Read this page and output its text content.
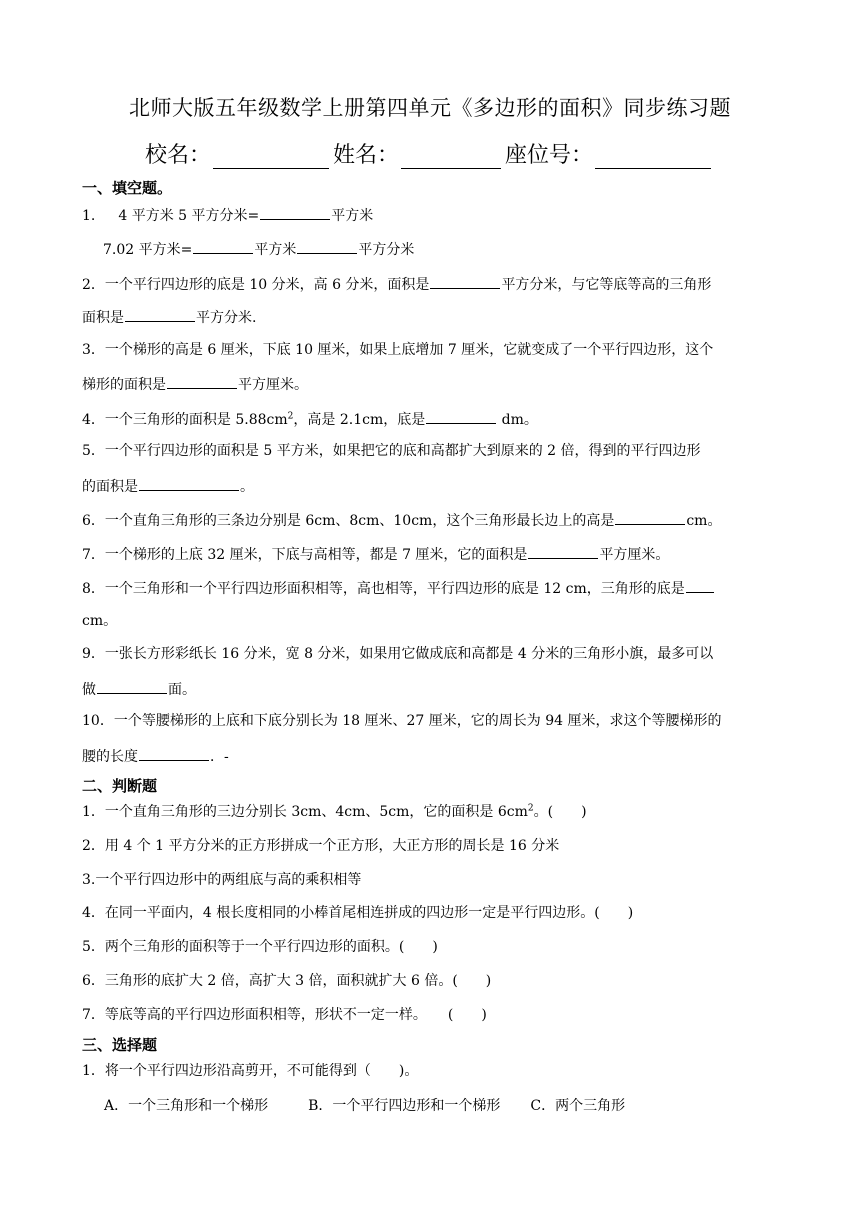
北师大版五年级数学上册第四单元《多边形的面积》同步练习题
校名：	姓名：	座位号：
一、填空题。
1. 4 平方米 5 平方分米=	平方米
7.02 平方米=	平方米	平方分米
2．一个平行四边形的底是 10 分米，高 6 分米，面积是	平方分米，与它等底等高的三角形
面积是	平方分米.
3．一个梯形的高是 6 厘米，下底 10 厘米，如果上底增加 7 厘米，它就变成了一个平行四边形，这个
梯形的面积是	平方厘米。
4．一个三角形的面积是 $5.88cm^2$，高是 2.1cm，底是	dm。
5．一个平行四边形的面积是 5 平方米，如果把它的底和高都扩大到原来的 2 倍，得到的平行四边形
的面积是	。
6．一个直角三角形的三条边分别是 6cm、8cm、10cm，这个三角形最长边上的高是	cm。
7．一个梯形的上底 32 厘米，下底与高相等，都是 7 厘米，它的面积是	平方厘米。
8．一个三角形和一个平行四边形面积相等，高也相等，平行四边形的底是 12 cm，三角形的底是
cm。
9．一张长方形彩纸长 16 分米，宽 8 分米，如果用它做成底和高都是 4 分米的三角形小旗，最多可以
做	面。
10．一个等腰梯形的上底和下底分别长为 18 厘米、27 厘米，它的周长为 94 厘米，求这个等腰梯形的
腰的长度	．-
二、判断题
1．一个直角三角形的三边分别长 3cm、4cm、5cm，它的面积是 $6cm^2$。(　　)
2．用 4 个 1 平方分米的正方形拼成一个正方形，大正方形的周长是 16 分米
3.一个平行四边形中的两组底与高的乘积相等
4．在同一平面内，4 根长度相同的小棒首尾相连拼成的四边形一定是平行四边形。(　　)
5．两个三角形的面积等于一个平行四边形的面积。(　　)
6．三角形的底扩大 2 倍，高扩大 3 倍，面积就扩大 6 倍。(　　)
7．等底等高的平行四边形面积相等，形状不一定一样。　　(　　)
三、选择题
1．将一个平行四边形沿高剪开，不可能得到（　　)。
A．一个三角形和一个梯形	B．一个平行四边形和一个梯形 C．两个三角形
